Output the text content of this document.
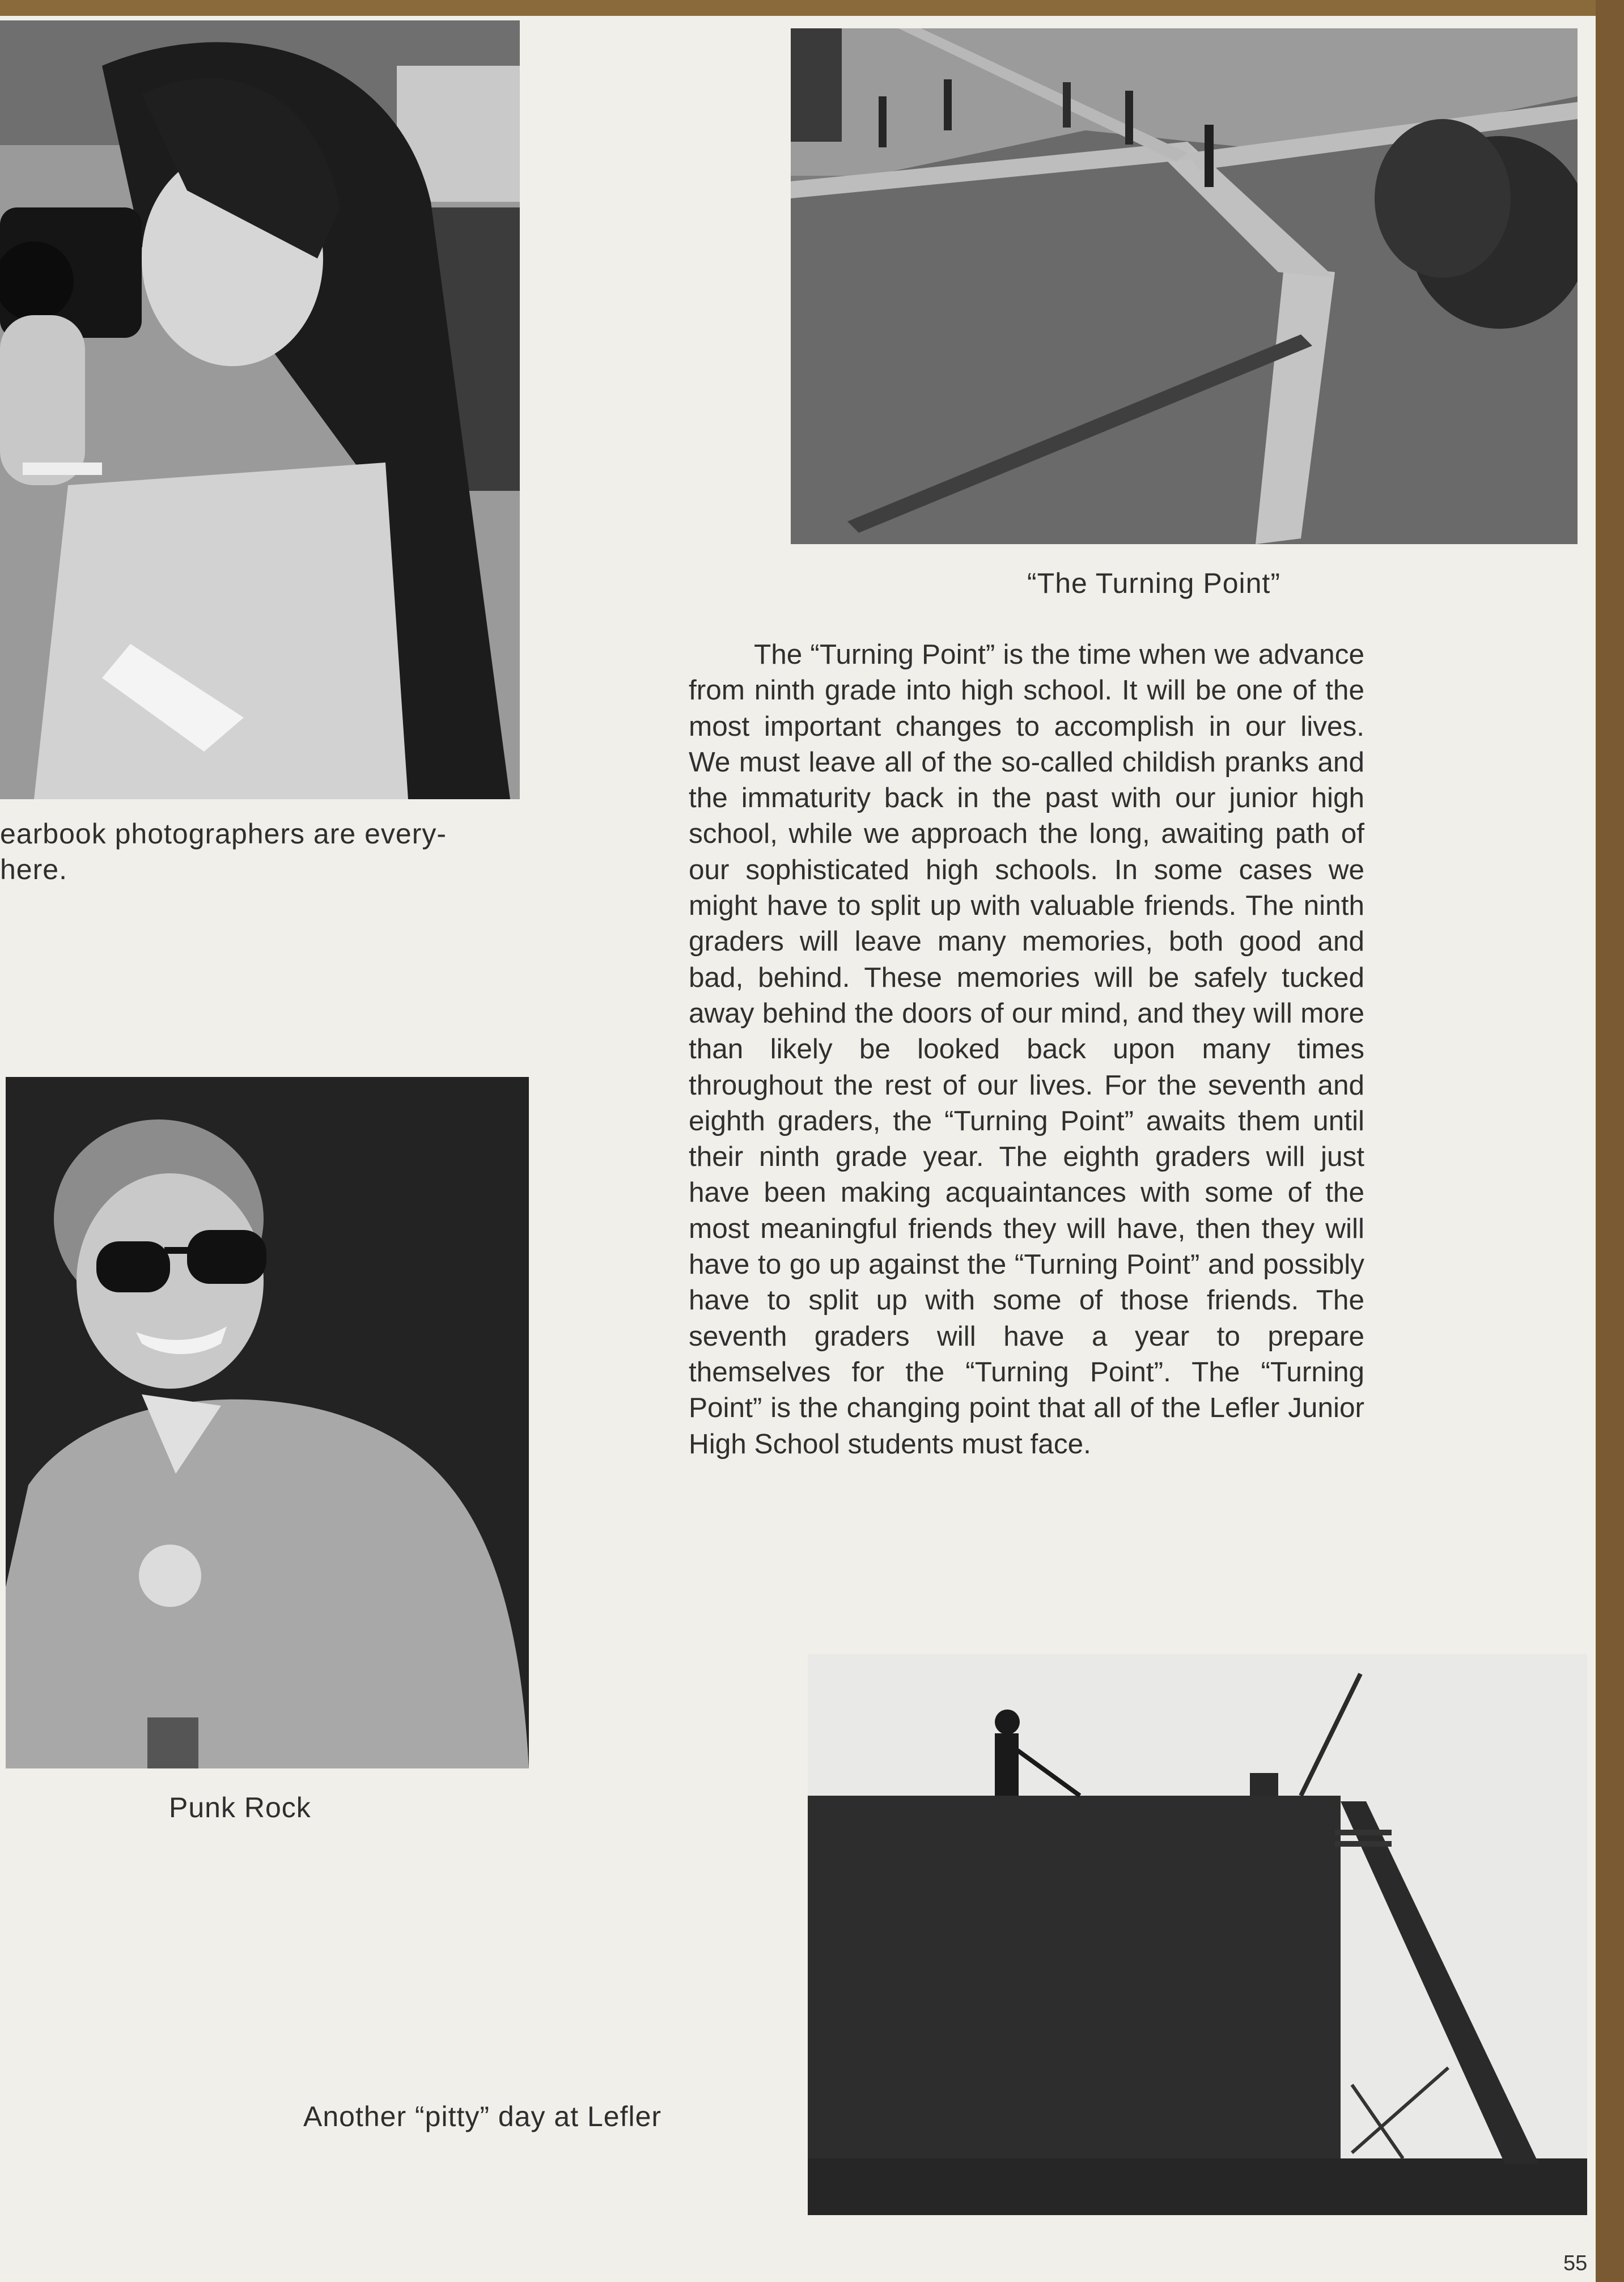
earbook photographers are every-
here.
“The Turning Point”

The “Turning Point” is the time when we advance from ninth grade into high school. It will be one of the most important changes to accomplish in our lives. We must leave all of the so-called childish pranks and the immaturity back in the past with our junior high school, while we approach the long, awaiting path of our sophisticated high schools. In some cases we might have to split up with valuable friends. The ninth graders will leave many memories, both good and bad, behind. These memories will be safely tucked away behind the doors of our mind, and they will more than likely be looked back upon many times throughout the rest of our lives. For the seventh and eighth graders, the “Turning Point” awaits them until their ninth grade year. The eighth graders will just have been making acquaintances with some of the most meaningful friends they will have, then they will have to go up against the “Turning Point” and possibly have to split up with some of those friends. The seventh graders will have a year to prepare themselves for the “Turning Point”. The “Turning Point” is the changing point that all of the Lefler Junior High School students must face.

Punk Rock
Another “pitty” day at Lefler
55
